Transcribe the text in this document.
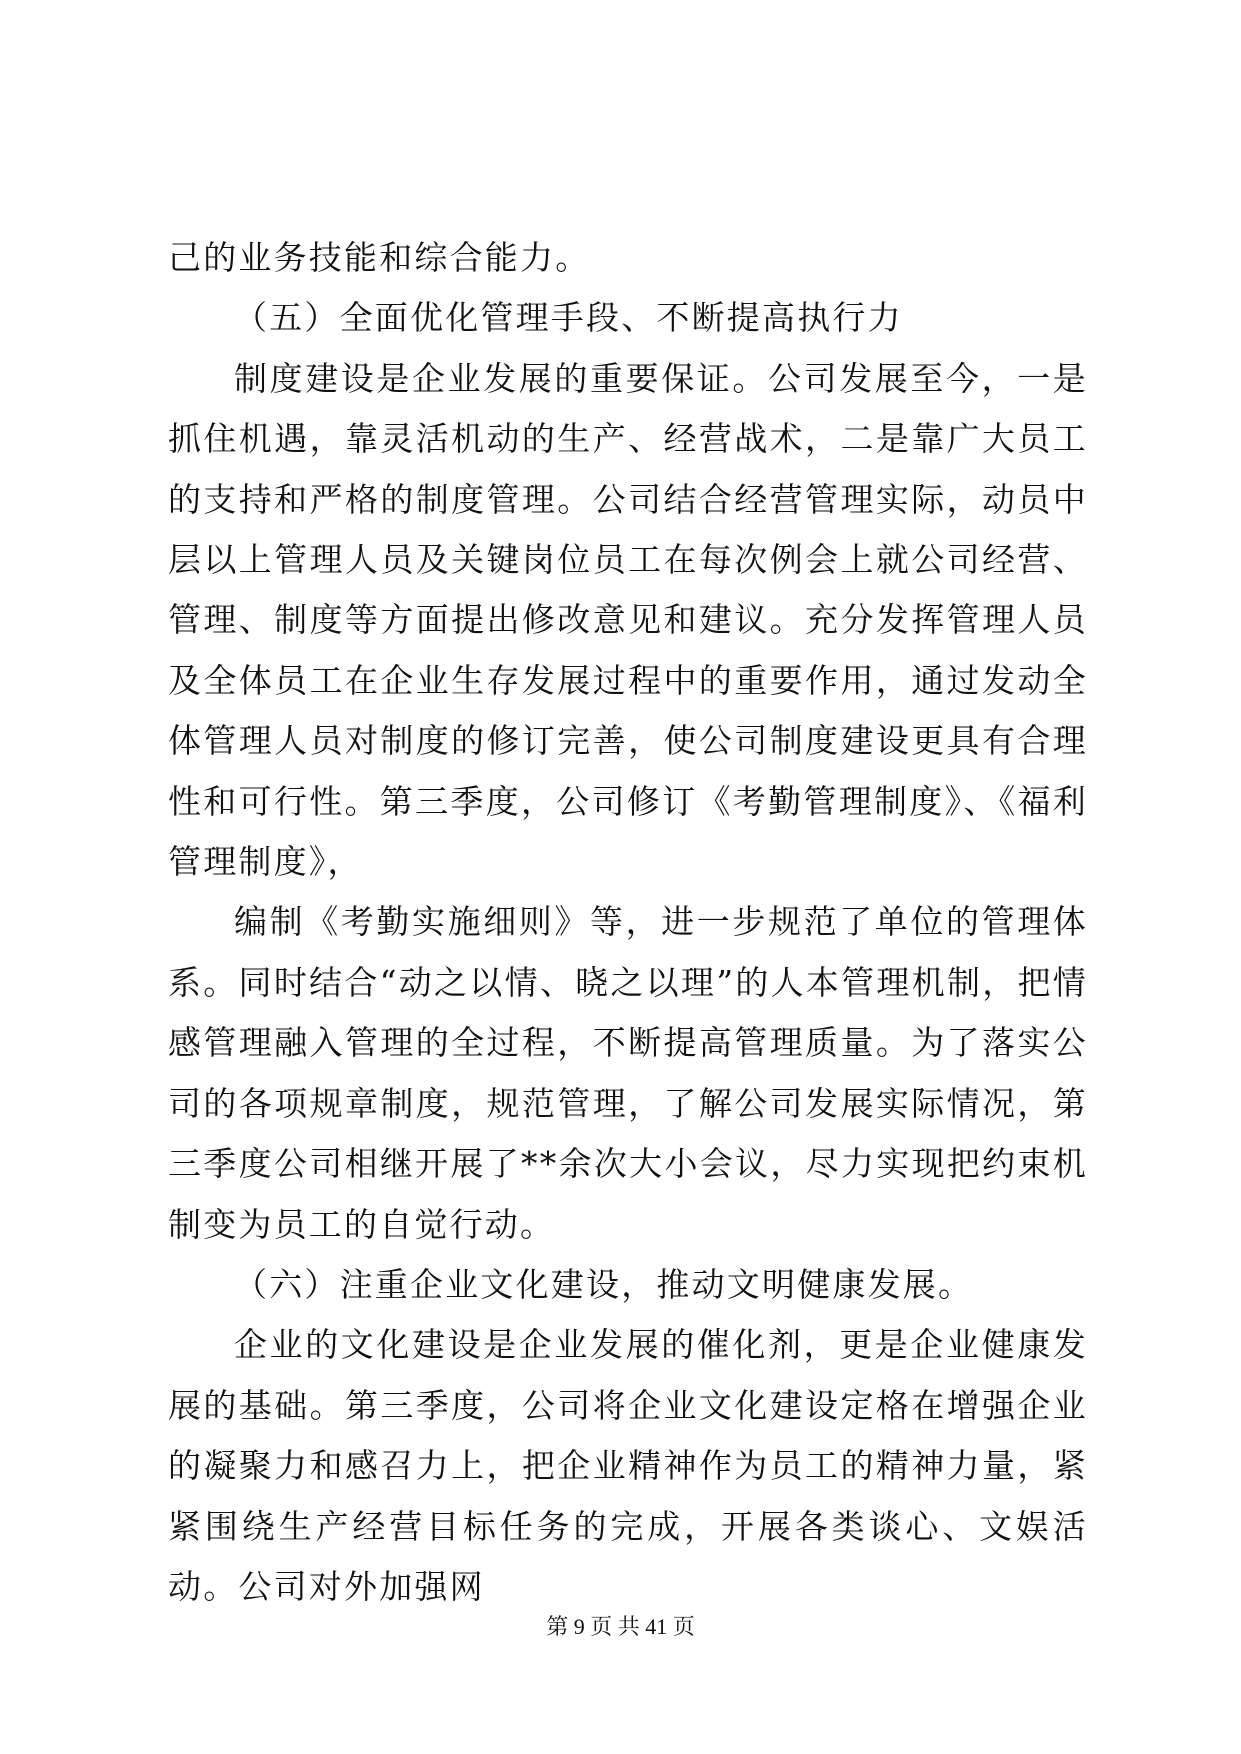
己的业务技能和综合能力。

（五）全面优化管理手段、不断提高执行力

制度建设是企业发展的重要保证。公司发展至今，一是抓住机遇，靠灵活机动的生产、经营战术，二是靠广大员工的支持和严格的制度管理。公司结合经营管理实际，动员中层以上管理人员及关键岗位员工在每次例会上就公司经营、管理、制度等方面提出修改意见和建议。充分发挥管理人员及全体员工在企业生存发展过程中的重要作用，通过发动全体管理人员对制度的修订完善，使公司制度建设更具有合理性和可行性。第三季度，公司修订《考勤管理制度》、《福利管理制度》，

编制《考勤实施细则》等，进一步规范了单位的管理体系。同时结合“动之以情、晓之以理”的人本管理机制，把情感管理融入管理的全过程，不断提高管理质量。为了落实公司的各项规章制度，规范管理，了解公司发展实际情况，第三季度公司相继开展了**余次大小会议，尽力实现把约束机制变为员工的自觉行动。

（六）注重企业文化建设，推动文明健康发展。

企业的文化建设是企业发展的催化剂，更是企业健康发展的基础。第三季度，公司将企业文化建设定格在增强企业的凝聚力和感召力上，把企业精神作为员工的精神力量，紧紧围绕生产经营目标任务的完成，开展各类谈心、文娱活动。公司对外加强网

第 9 页 共 41 页
